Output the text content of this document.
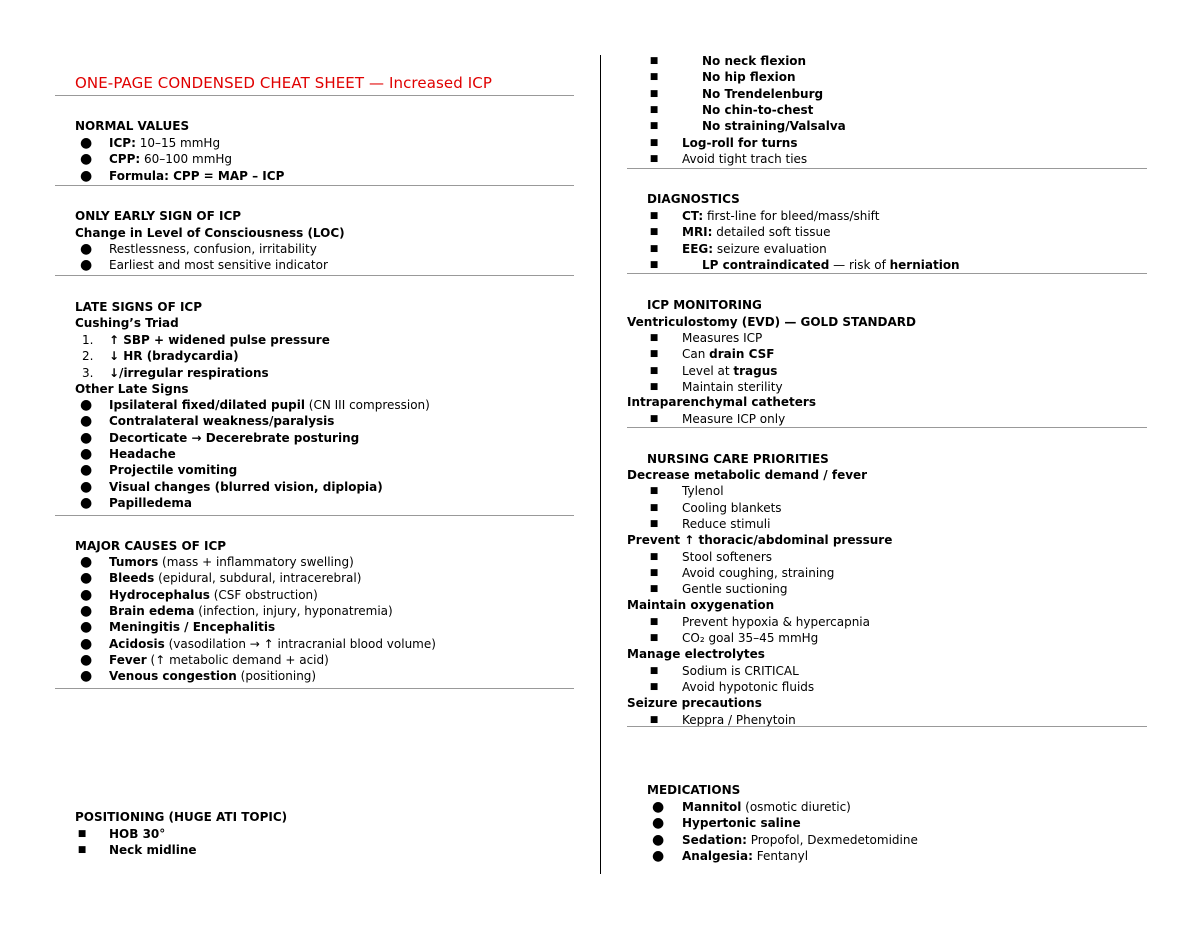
ONE-PAGE CONDENSED CHEAT SHEET — Increased ICP
NORMAL VALUES
● ICP: 10–15 mmHg
● CPP: 60–100 mmHg
● Formula: CPP = MAP – ICP
ONLY EARLY SIGN OF ICP
Change in Level of Consciousness (LOC)
● Restlessness, confusion, irritability
● Earliest and most sensitive indicator
LATE SIGNS OF ICP
Cushing’s Triad
1.	↑ SBP + widened pulse pressure
2.	↓ HR (bradycardia)
3.	↓/irregular respirations
Other Late Signs
● Ipsilateral fixed/dilated pupil (CN III compression)
● Contralateral weakness/paralysis
● Decorticate → Decerebrate posturing
● Headache
● Projectile vomiting
● Visual changes (blurred vision, diplopia)
● Papilledema
MAJOR CAUSES OF ICP
● Tumors (mass + inflammatory swelling)
● Bleeds (epidural, subdural, intracerebral)
● Hydrocephalus (CSF obstruction)
● Brain edema (infection, injury, hyponatremia)
● Meningitis / Encephalitis
● Acidosis (vasodilation → ↑ intracranial blood volume)
● Fever (↑ metabolic demand + acid)
● Venous congestion (positioning)
POSITIONING (HUGE ATI TOPIC)
■ HOB 30°
■ Neck midline
■	No neck flexion
■	No hip flexion
■	No Trendelenburg
■	No chin-to-chest
■	No straining/Valsalva
■ Log-roll for turns
■ Avoid tight trach ties
DIAGNOSTICS
■ CT: first-line for bleed/mass/shift
■ MRI: detailed soft tissue
■ EEG: seizure evaluation
■	LP contraindicated — risk of herniation
ICP MONITORING
Ventriculostomy (EVD) — GOLD STANDARD
■ Measures ICP
■ Can drain CSF
■ Level at tragus
■ Maintain sterility
Intraparenchymal catheters
■ Measure ICP only
NURSING CARE PRIORITIES
Decrease metabolic demand / fever
■ Tylenol
■ Cooling blankets
■ Reduce stimuli
Prevent ↑ thoracic/abdominal pressure
■ Stool softeners
■ Avoid coughing, straining
■ Gentle suctioning
Maintain oxygenation
■ Prevent hypoxia & hypercapnia
■ CO₂ goal 35–45 mmHg
Manage electrolytes
■ Sodium is CRITICAL
■ Avoid hypotonic fluids
Seizure precautions
■ Keppra / Phenytoin
MEDICATIONS
● Mannitol (osmotic diuretic)
● Hypertonic saline
● Sedation: Propofol, Dexmedetomidine
● Analgesia: Fentanyl
